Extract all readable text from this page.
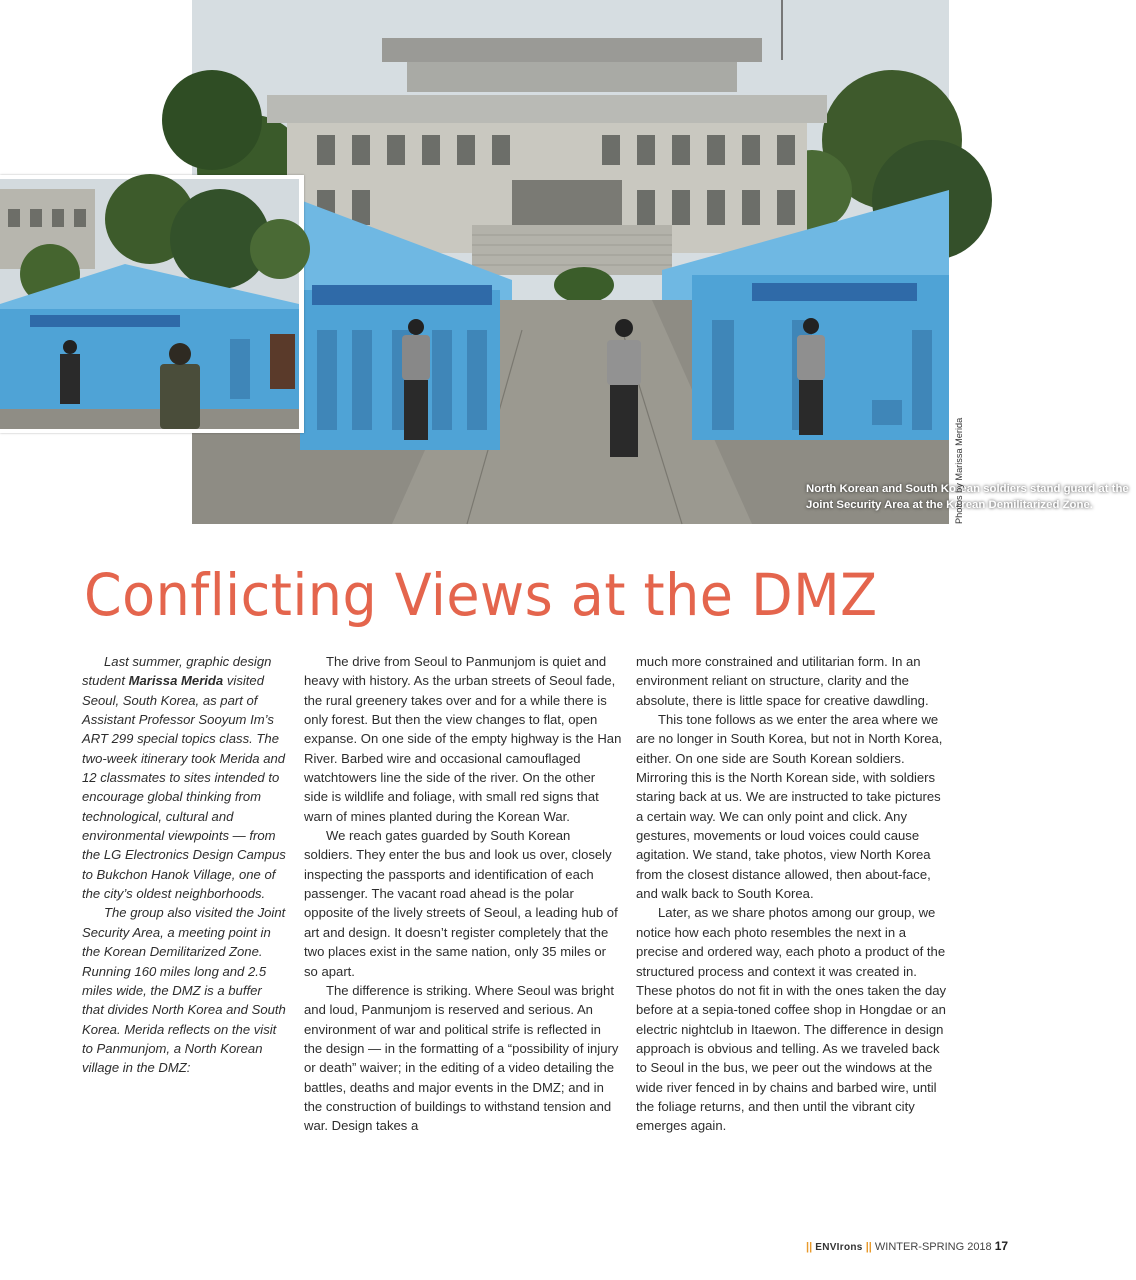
North Korean and South Korean soldiers stand guard at the Joint Security Area at the Korean Demilitarized Zone.
Photos by Marissa Merida
Conflicting Views at the DMZ

Last summer, graphic design student Marissa Merida visited Seoul, South Korea, as part of Assistant Professor Sooyum Im’s ART 299 special topics class. The two-week itinerary took Merida and 12 classmates to sites intended to encourage global thinking from technological, cultural and environmental viewpoints — from the LG Electronics Design Campus to Bukchon Hanok Village, one of the city’s oldest neighborhoods.

The group also visited the Joint Security Area, a meeting point in the Korean Demilitarized Zone. Running 160 miles long and 2.5 miles wide, the DMZ is a buffer that divides North Korea and South Korea. Merida reflects on the visit to Panmunjom, a North Korean village in the DMZ:

The drive from Seoul to Panmunjom is quiet and heavy with history. As the urban streets of Seoul fade, the rural greenery takes over and for a while there is only forest. But then the view changes to flat, open expanse. On one side of the empty highway is the Han River. Barbed wire and occasional camouflaged watchtowers line the side of the river. On the other side is wildlife and foliage, with small red signs that warn of mines planted during the Korean War.

We reach gates guarded by South Korean soldiers. They enter the bus and look us over, closely inspecting the passports and identification of each passenger. The vacant road ahead is the polar opposite of the lively streets of Seoul, a leading hub of art and design. It doesn’t register completely that the two places exist in the same nation, only 35 miles or so apart.

The difference is striking. Where Seoul was bright and loud, Panmunjom is reserved and serious. An environment of war and political strife is reflected in the design — in the formatting of a “possibility of injury or death” waiver; in the editing of a video detailing the battles, deaths and major events in the DMZ; and in the construction of buildings to withstand tension and war. Design takes a

much more constrained and utilitarian form. In an environment reliant on structure, clarity and the absolute, there is little space for creative dawdling.

This tone follows as we enter the area where we are no longer in South Korea, but not in North Korea, either. On one side are South Korean soldiers. Mirroring this is the North Korean side, with soldiers staring back at us. We are instructed to take pictures a certain way. We can only point and click. Any gestures, movements or loud voices could cause agitation. We stand, take photos, view North Korea from the closest distance allowed, then about-face, and walk back to South Korea.

Later, as we share photos among our group, we notice how each photo resembles the next in a precise and ordered way, each photo a product of the structured process and context it was created in. These photos do not fit in with the ones taken the day before at a sepia-toned coffee shop in Hongdae or an electric nightclub in Itaewon. The difference in design approach is obvious and telling. As we traveled back to Seoul in the bus, we peer out the windows at the wide river fenced in by chains and barbed wire, until the foliage returns, and then until the vibrant city emerges again.

|| ENVIrons || WINTER-SPRING 2018 17
